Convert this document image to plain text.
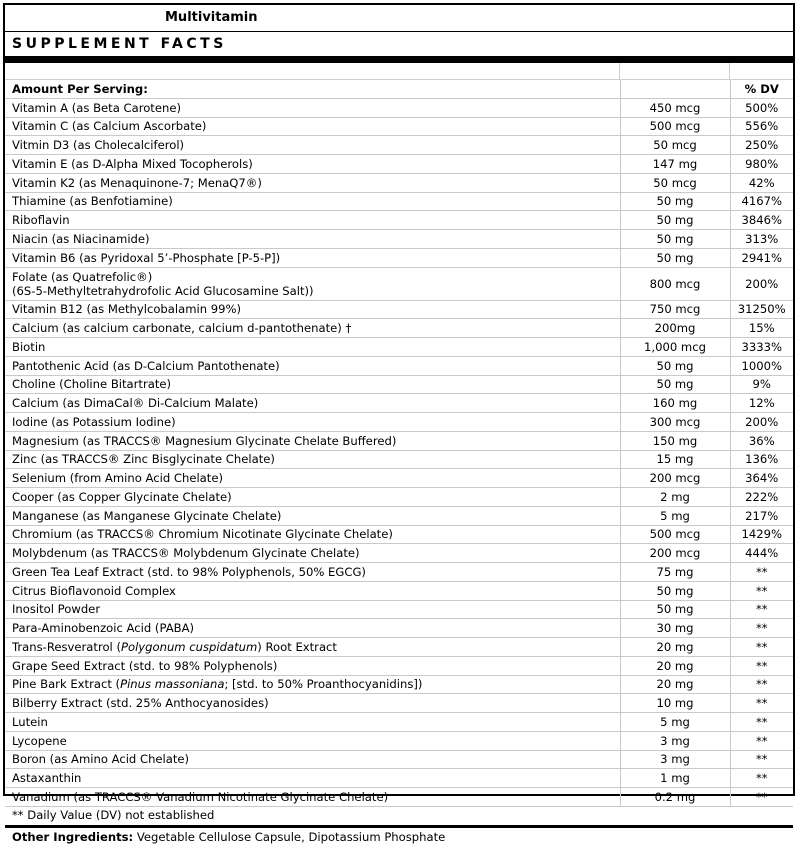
Multivitamin
SUPPLEMENT FACTS
Amount Per Serving:		% DV
Vitamin A (as Beta Carotene)	450 mcg	500%
Vitamin C (as Calcium Ascorbate)	500 mcg	556%
Vitmin D3 (as Cholecalciferol)	50 mcg	250%
Vitamin E (as D-Alpha Mixed Tocopherols)	147 mg	980%
Vitamin K2 (as Menaquinone-7; MenaQ7®)	50 mcg	42%
Thiamine (as Benfotiamine)	50 mg	4167%
Riboflavin	50 mg	3846%
Niacin (as Niacinamide)	50 mg	313%
Vitamin B6 (as Pyridoxal 5’-Phosphate [P-5-P])	50 mg	2941%
Folate (as Quatrefolic®)
(6S-5-Methyltetrahydrofolic Acid Glucosamine Salt))	800 mcg	200%
Vitamin B12 (as Methylcobalamin 99%)	750 mcg	31250%
Calcium (as calcium carbonate, calcium d-pantothenate) †	200mg	15%
Biotin	1,000 mcg	3333%
Pantothenic Acid (as D-Calcium Pantothenate)	50 mg	1000%
Choline (Choline Bitartrate)	50 mg	9%
Calcium (as DimaCal® Di-Calcium Malate)	160 mg	12%
Iodine (as Potassium Iodine)	300 mcg	200%
Magnesium (as TRACCS® Magnesium Glycinate Chelate Buffered)	150 mg	36%
Zinc (as TRACCS® Zinc Bisglycinate Chelate)	15 mg	136%
Selenium (from Amino Acid Chelate)	200 mcg	364%
Cooper (as Copper Glycinate Chelate)	2 mg	222%
Manganese (as Manganese Glycinate Chelate)	5 mg	217%
Chromium (as TRACCS® Chromium Nicotinate Glycinate Chelate)	500 mcg	1429%
Molybdenum (as TRACCS® Molybdenum Glycinate Chelate)	200 mcg	444%
Green Tea Leaf Extract (std. to 98% Polyphenols, 50% EGCG)	75 mg	**
Citrus Bioflavonoid Complex	50 mg	**
Inositol Powder	50 mg	**
Para-Aminobenzoic Acid (PABA)	30 mg	**
Trans-Resveratrol (Polygonum cuspidatum) Root Extract	20 mg	**
Grape Seed Extract (std. to 98% Polyphenols)	20 mg	**
Pine Bark Extract (Pinus massoniana; [std. to 50% Proanthocyanidins])	20 mg	**
Bilberry Extract (std. 25% Anthocyanosides)	10 mg	**
Lutein	5 mg	**
Lycopene	3 mg	**
Boron (as Amino Acid Chelate)	3 mg	**
Astaxanthin	1 mg	**
Vanadium (as TRACCS® Vanadium Nicotinate Glycinate Chelate)	0.2 mg	**
** Daily Value (DV) not established
Other Ingredients: Vegetable Cellulose Capsule, Dipotassium Phosphate
